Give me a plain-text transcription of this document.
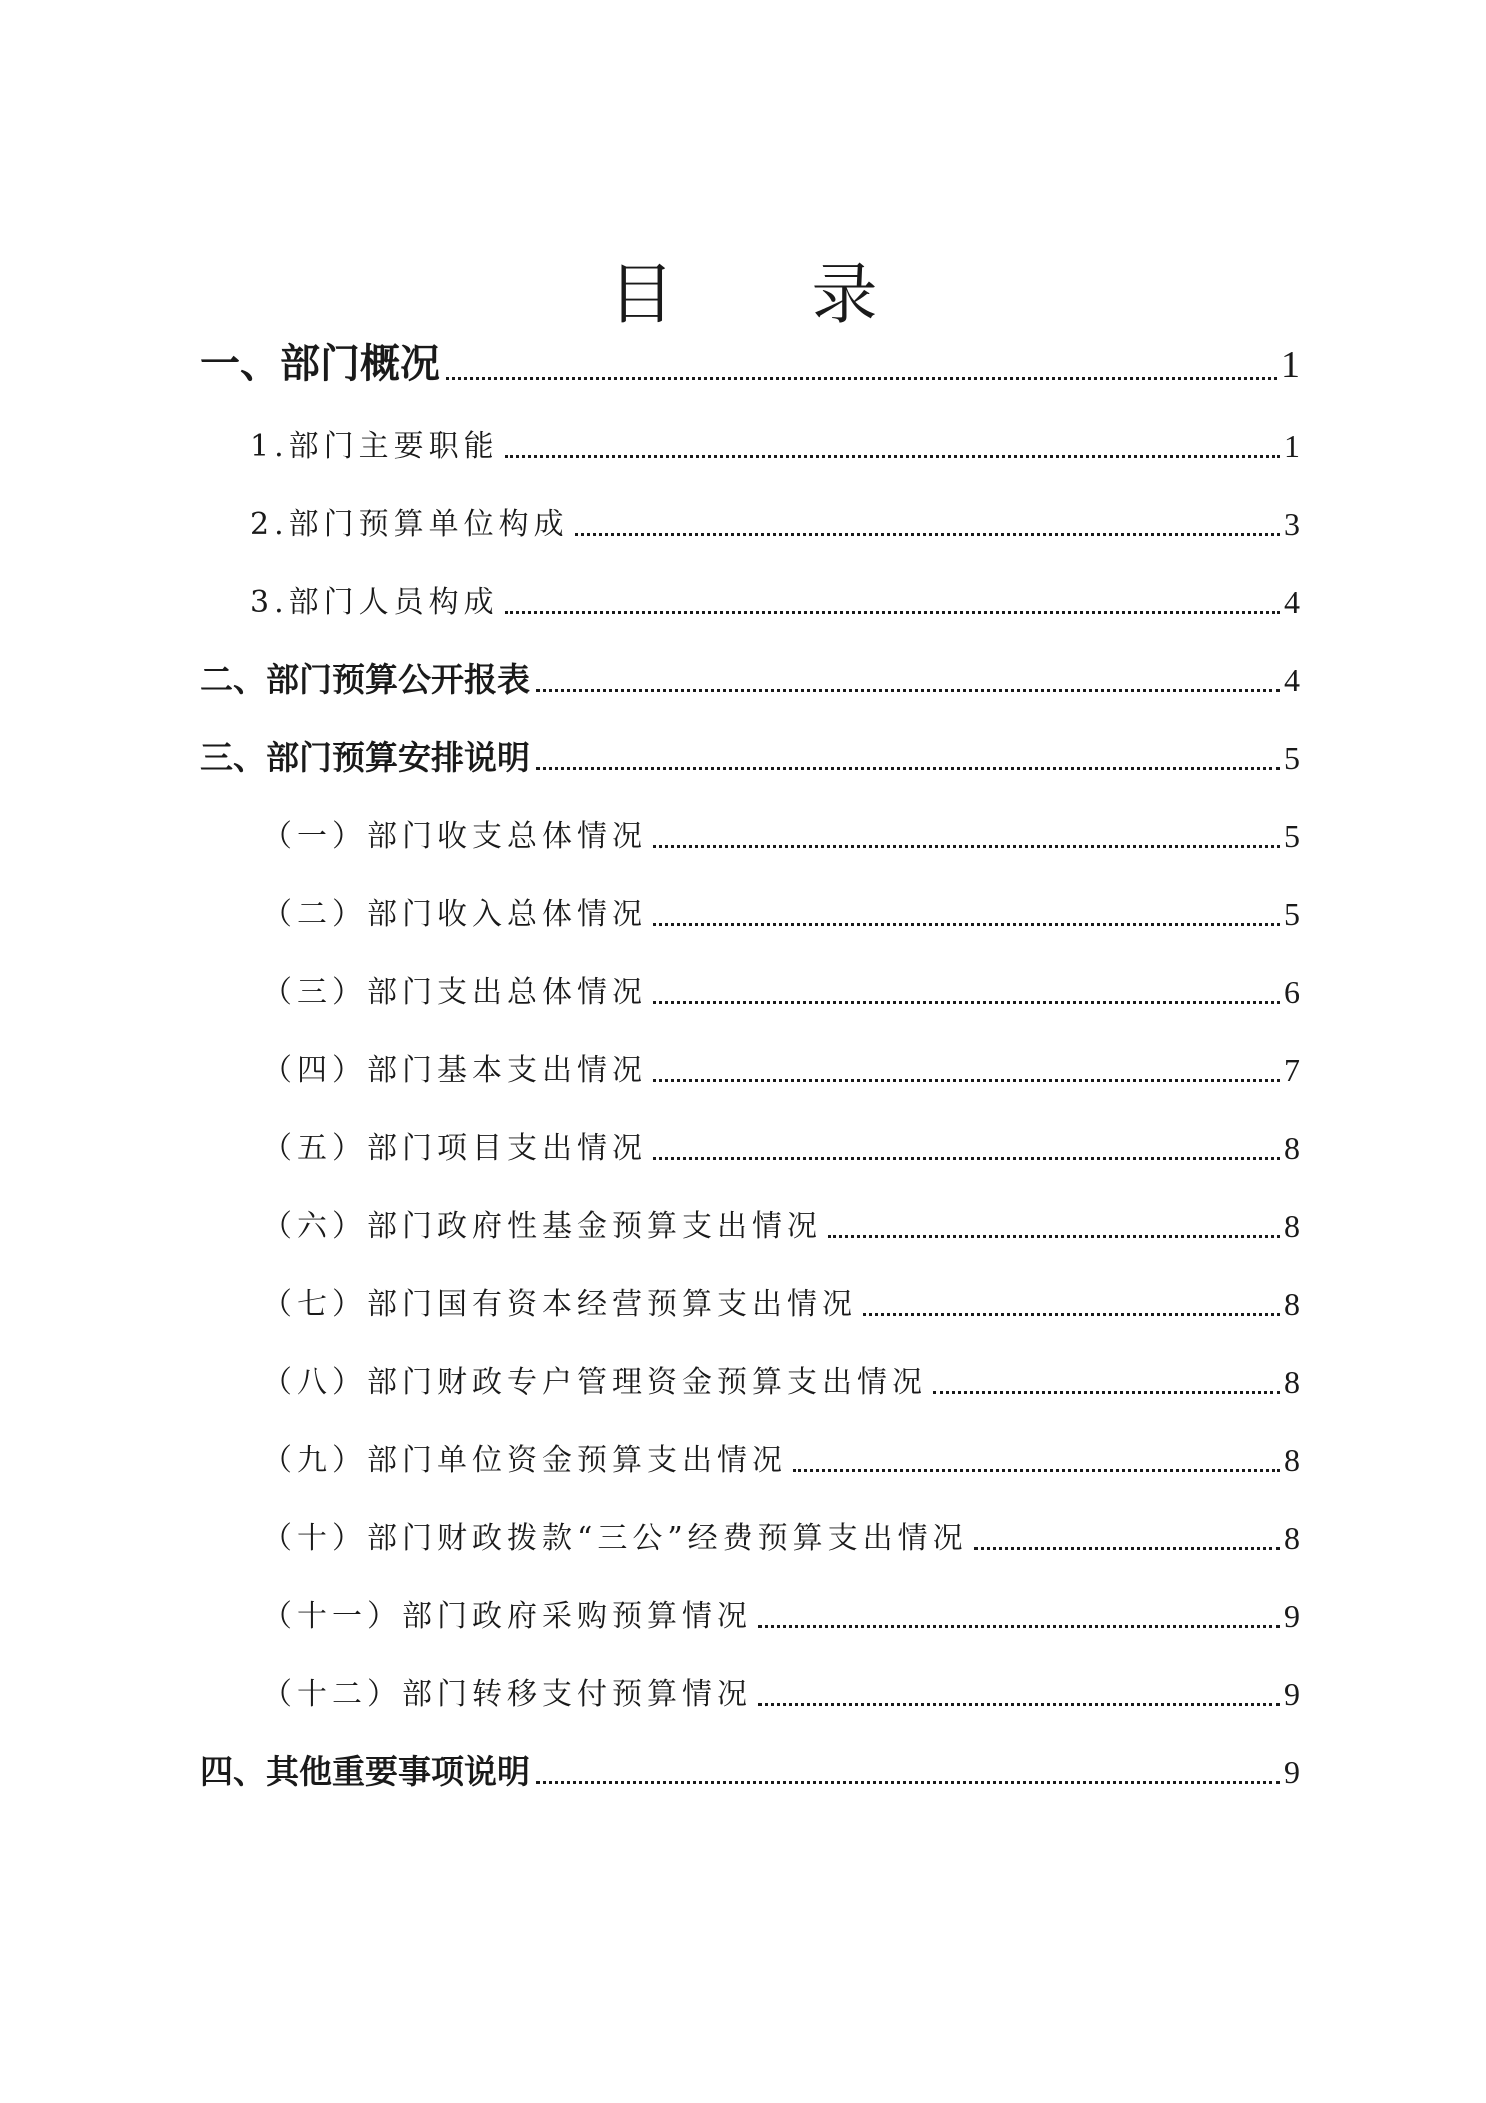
目 录
一、部门概况	1
1.部门主要职能	1
2.部门预算单位构成	3
3.部门人员构成	4
二、部门预算公开报表	4
三、部门预算安排说明	5
（一）部门收支总体情况	5
（二）部门收入总体情况	5
（三）部门支出总体情况	6
（四）部门基本支出情况	7
（五）部门项目支出情况	8
（六）部门政府性基金预算支出情况	8
（七）部门国有资本经营预算支出情况	8
（八）部门财政专户管理资金预算支出情况	8
（九）部门单位资金预算支出情况	8
（十）部门财政拨款“三公”经费预算支出情况	8
（十一）部门政府采购预算情况	9
（十二）部门转移支付预算情况	9
四、其他重要事项说明	9
